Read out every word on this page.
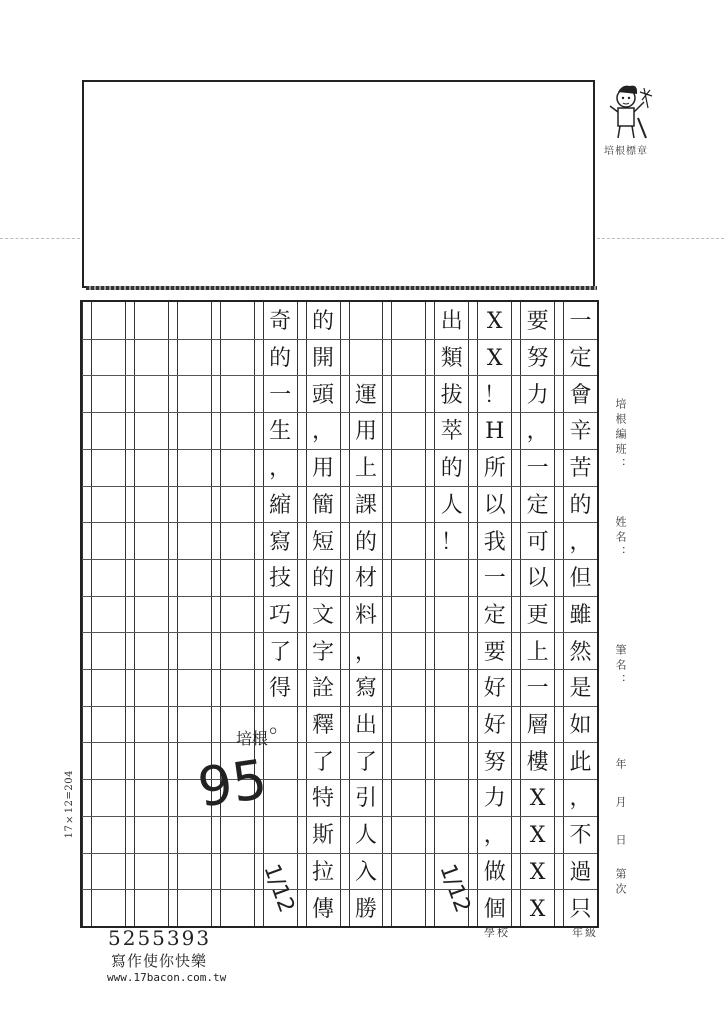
培根標章
一
定
會
辛
苦
的
，
但
雖
然
是
如
此
，
不
過
只
要
努
力
，
一
定
可
以
更
上
一
層
樓
X
X
X
X
X
X
！
H
所
以
我
一
定
要
好
好
努
力
，
做
個
出
類
拔
萃
的
人
！
運
用
上
課
的
材
料
，
寫
出
了
引
人
入
勝
的
開
頭
，
用
簡
短
的
文
字
詮
釋
了
特
斯
拉
傳
奇
的
一
生
，
縮
寫
技
巧
了
得
。
培根編班：
姓名：
筆名：
年
月
日
第次
17×12=204
培根
95
1/12	1/12
5255393
寫作使你快樂
www.17bacon.com.tw
學校	年級
